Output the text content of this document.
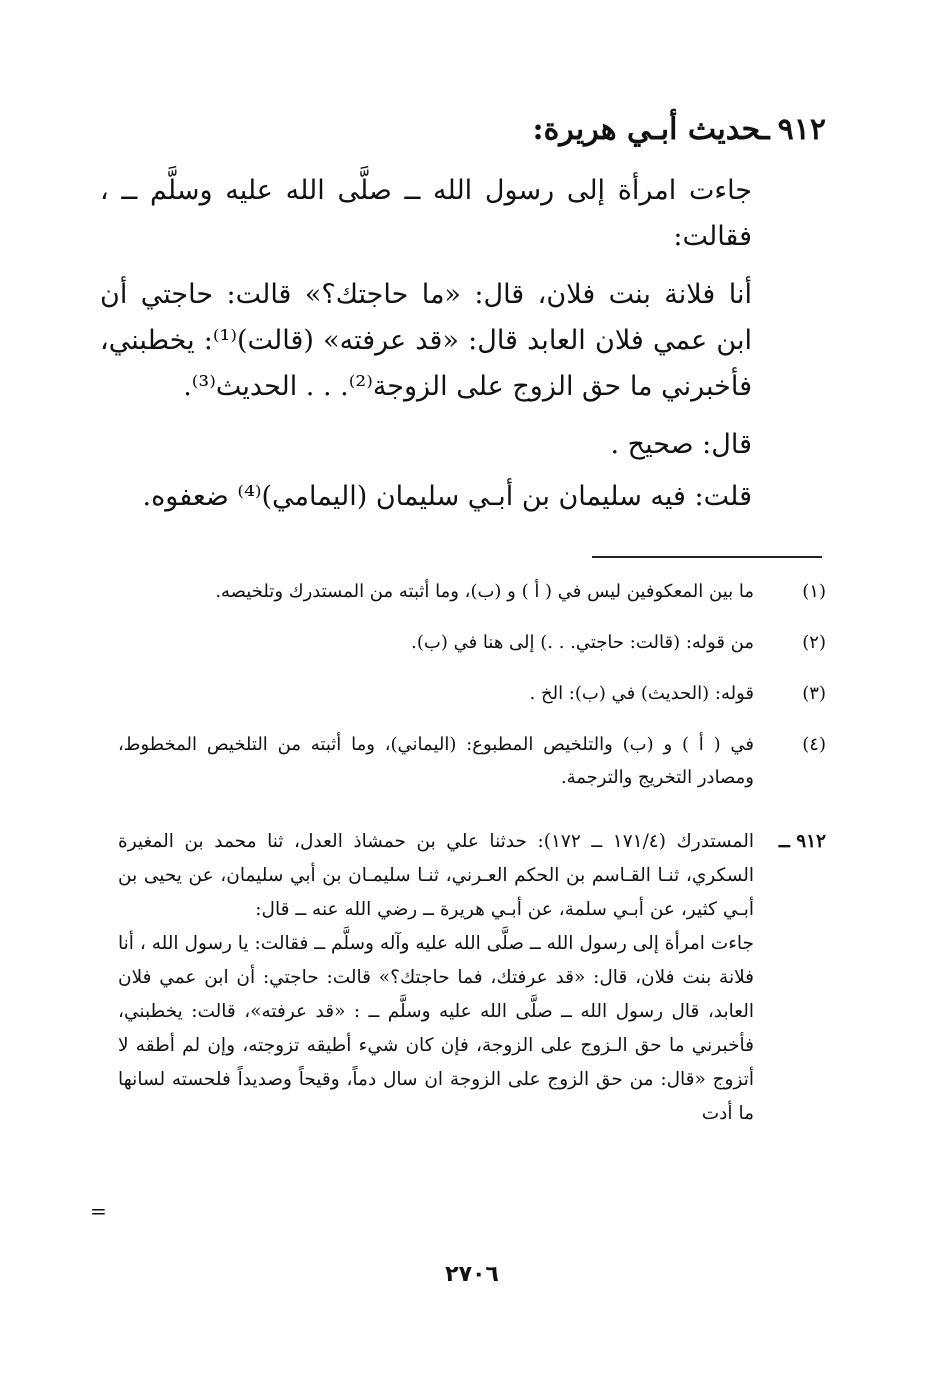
٩١٢ـحديث أبـي هريرة:

جاءت امرأة إلى رسول الله ــ صلَّى الله عليه وسلَّم ــ ، فقالت:

أنا فلانة بنت فلان، قال: «ما حاجتك؟» قالت: حاجتي أن ابن عمي فلان العابد قال: «قد عرفته» (قالت)⁽¹⁾: يخطبني، فأخبرني ما حق الزوج على الزوجة⁽²⁾. . . الحديث⁽³⁾.

قال: صحيح .

قلت: فيه سليمان بن أبـي سليمان (اليمامي)⁽⁴⁾ ضعفوه.

(١)
ما بين المعكوفين ليس في ( أ ) و (ب)، وما أثبته من المستدرك وتلخيصه.
(٢)
من قوله: (قالت: حاجتي. . .) إلى هنا في (ب).
(٣)
قوله: (الحديث) في (ب): الخ .
(٤)
في ( أ ) و (ب) والتلخيص المطبوع: (اليماني)، وما أثبته من التلخيص المخطوط، ومصادر التخريج والترجمة.
٩١٢ ــ

المستدرك (١٧١/٤ ــ ١٧٢): حدثنا علي بن حمشاذ العدل، ثنا محمد بن المغيرة السكري، ثنـا القـاسم بن الحكم العـرني، ثنـا سليمـان بن أبي سليمان، عن يحيى بن أبـي كثير، عن أبـي سلمة، عن أبـي هريرة ــ رضي الله عنه ــ قال:

جاءت امرأة إلى رسول الله ــ صلَّى الله عليه وآله وسلَّم ــ فقالت: يا رسول الله ، أنا فلانة بنت فلان، قال: «قد عرفتك، فما حاجتك؟» قالت: حاجتي: أن ابن عمي فلان العابد، قال رسول الله ــ صلَّى الله عليه وسلَّم ــ : «قد عرفته»، قالت: يخطبني، فأخبرني ما حق الـزوج على الزوجة، فإن كان شيء أطيقه تزوجته، وإن لم أطقه لا أتزوج «قال: من حق الزوج على الزوجة ان سال دماً، وقيحاً وصديداً فلحسته لسانها ما أدت

=
٢٧٠٦
